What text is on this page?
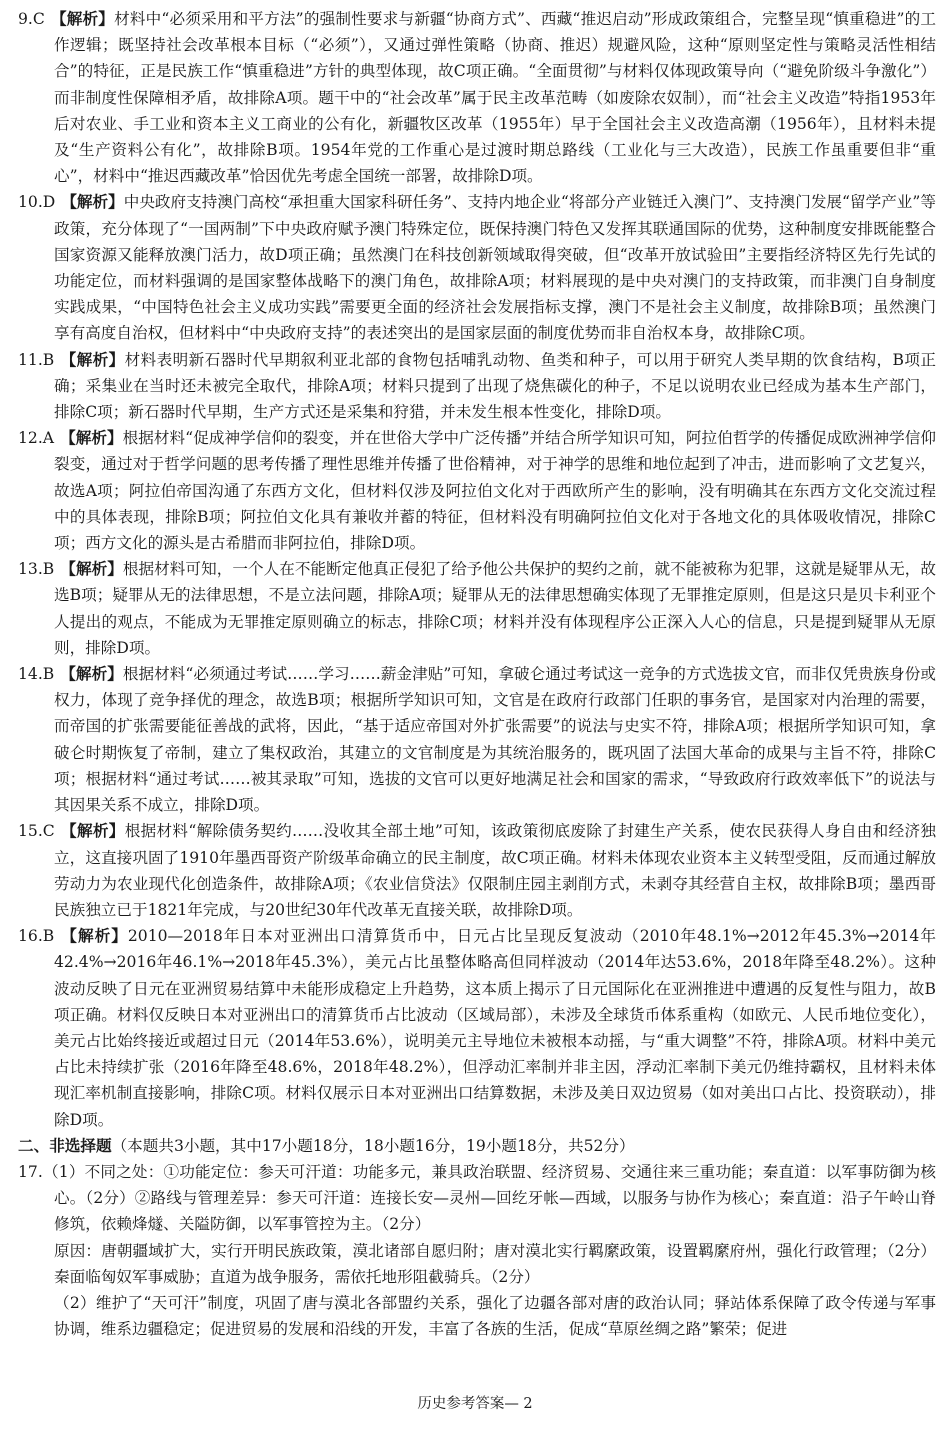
9.C 【解析】材料中“必须采用和平方法”的强制性要求与新疆“协商方式”、西藏“推迟启动”形成政策组合，完整呈现“慎重稳进”的工作逻辑；既坚持社会改革根本目标（“必须”），又通过弹性策略（协商、推迟）规避风险，这种“原则坚定性与策略灵活性相结合”的特征，正是民族工作“慎重稳进”方针的典型体现，故C项正确。“全面贯彻”与材料仅体现政策导向（“避免阶级斗争激化”）而非制度性保障相矛盾，故排除A项。题干中的“社会改革”属于民主改革范畴（如废除农奴制），而“社会主义改造”特指1953年后对农业、手工业和资本主义工商业的公有化，新疆牧区改革（1955年）早于全国社会主义改造高潮（1956年），且材料未提及“生产资料公有化”，故排除B项。1954年党的工作重心是过渡时期总路线（工业化与三大改造），民族工作虽重要但非“重心”，材料中“推迟西藏改革”恰因优先考虑全国统一部署，故排除D项。

10.D 【解析】中央政府支持澳门高校“承担重大国家科研任务”、支持内地企业“将部分产业链迁入澳门”、支持澳门发展“留学产业”等政策，充分体现了“一国两制”下中央政府赋予澳门特殊定位，既保持澳门特色又发挥其联通国际的优势，这种制度安排既能整合国家资源又能释放澳门活力，故D项正确；虽然澳门在科技创新领域取得突破，但“改革开放试验田”主要指经济特区先行先试的功能定位，而材料强调的是国家整体战略下的澳门角色，故排除A项；材料展现的是中央对澳门的支持政策，而非澳门自身制度实践成果，“中国特色社会主义成功实践”需要更全面的经济社会发展指标支撑，澳门不是社会主义制度，故排除B项；虽然澳门享有高度自治权，但材料中“中央政府支持”的表述突出的是国家层面的制度优势而非自治权本身，故排除C项。

11.B 【解析】材料表明新石器时代早期叙利亚北部的食物包括哺乳动物、鱼类和种子，可以用于研究人类早期的饮食结构，B项正确；采集业在当时还未被完全取代，排除A项；材料只提到了出现了烧焦碳化的种子，不足以说明农业已经成为基本生产部门，排除C项；新石器时代早期，生产方式还是采集和狩猎，并未发生根本性变化，排除D项。

12.A 【解析】根据材料“促成神学信仰的裂变，并在世俗大学中广泛传播”并结合所学知识可知，阿拉伯哲学的传播促成欧洲神学信仰裂变，通过对于哲学问题的思考传播了理性思维并传播了世俗精神，对于神学的思维和地位起到了冲击，进而影响了文艺复兴，故选A项；阿拉伯帝国沟通了东西方文化，但材料仅涉及阿拉伯文化对于西欧所产生的影响，没有明确其在东西方文化交流过程中的具体表现，排除B项；阿拉伯文化具有兼收并蓄的特征，但材料没有明确阿拉伯文化对于各地文化的具体吸收情况，排除C项；西方文化的源头是古希腊而非阿拉伯，排除D项。

13.B 【解析】根据材料可知，一个人在不能断定他真正侵犯了给予他公共保护的契约之前，就不能被称为犯罪，这就是疑罪从无，故选B项；疑罪从无的法律思想，不是立法问题，排除A项；疑罪从无的法律思想确实体现了无罪推定原则，但是这只是贝卡利亚个人提出的观点，不能成为无罪推定原则确立的标志，排除C项；材料并没有体现程序公正深入人心的信息，只是提到疑罪从无原则，排除D项。

14.B 【解析】根据材料“必须通过考试……学习……薪金津贴”可知，拿破仑通过考试这一竞争的方式选拔文官，而非仅凭贵族身份或权力，体现了竞争择优的理念，故选B项；根据所学知识可知，文官是在政府行政部门任职的事务官，是国家对内治理的需要，而帝国的扩张需要能征善战的武将，因此，“基于适应帝国对外扩张需要”的说法与史实不符，排除A项；根据所学知识可知，拿破仑时期恢复了帝制，建立了集权政治，其建立的文官制度是为其统治服务的，既巩固了法国大革命的成果与主旨不符，排除C项；根据材料“通过考试……被其录取”可知，选拔的文官可以更好地满足社会和国家的需求，“导致政府行政效率低下”的说法与其因果关系不成立，排除D项。

15.C 【解析】根据材料“解除债务契约……没收其全部土地”可知，该政策彻底废除了封建生产关系，使农民获得人身自由和经济独立，这直接巩固了1910年墨西哥资产阶级革命确立的民主制度，故C项正确。材料未体现农业资本主义转型受阻，反而通过解放劳动力为农业现代化创造条件，故排除A项；《农业信贷法》仅限制庄园主剥削方式，未剥夺其经营自主权，故排除B项；墨西哥民族独立已于1821年完成，与20世纪30年代改革无直接关联，故排除D项。

16.B 【解析】2010—2018年日本对亚洲出口清算货币中，日元占比呈现反复波动（2010年48.1%→2012年45.3%→2014年42.4%→2016年46.1%→2018年45.3%），美元占比虽整体略高但同样波动（2014年达53.6%，2018年降至48.2%）。这种波动反映了日元在亚洲贸易结算中未能形成稳定上升趋势，这本质上揭示了日元国际化在亚洲推进中遭遇的反复性与阻力，故B项正确。材料仅反映日本对亚洲出口的清算货币占比波动（区域局部），未涉及全球货币体系重构（如欧元、人民币地位变化），美元占比始终接近或超过日元（2014年53.6%），说明美元主导地位未被根本动摇，与“重大调整”不符，排除A项。材料中美元占比未持续扩张（2016年降至48.6%，2018年48.2%），但浮动汇率制并非主因，浮动汇率制下美元仍维持霸权，且材料未体现汇率机制直接影响，排除C项。材料仅展示日本对亚洲出口结算数据，未涉及美日双边贸易（如对美出口占比、投资联动），排除D项。

二、非选择题（本题共3小题，其中17小题18分，18小题16分，19小题18分，共52分）

17.（1）不同之处：①功能定位：参天可汗道：功能多元，兼具政治联盟、经济贸易、交通往来三重功能；秦直道：以军事防御为核心。（2分）②路线与管理差异：参天可汗道：连接长安—灵州—回纥牙帐—西域，以服务与协作为核心；秦直道：沿子午岭山脊修筑，依赖烽燧、关隘防御，以军事管控为主。（2分）

原因：唐朝疆域扩大，实行开明民族政策，漠北诸部自愿归附；唐对漠北实行羁縻政策，设置羁縻府州，强化行政管理；（2分）秦面临匈奴军事威胁；直道为战争服务，需依托地形阻截骑兵。（2分）

（2）维护了“天可汗”制度，巩固了唐与漠北各部盟约关系，强化了边疆各部对唐的政治认同；驿站体系保障了政令传递与军事协调，维系边疆稳定；促进贸易的发展和沿线的开发，丰富了各族的生活，促成“草原丝绸之路”繁荣；促进

历史参考答案— 2
